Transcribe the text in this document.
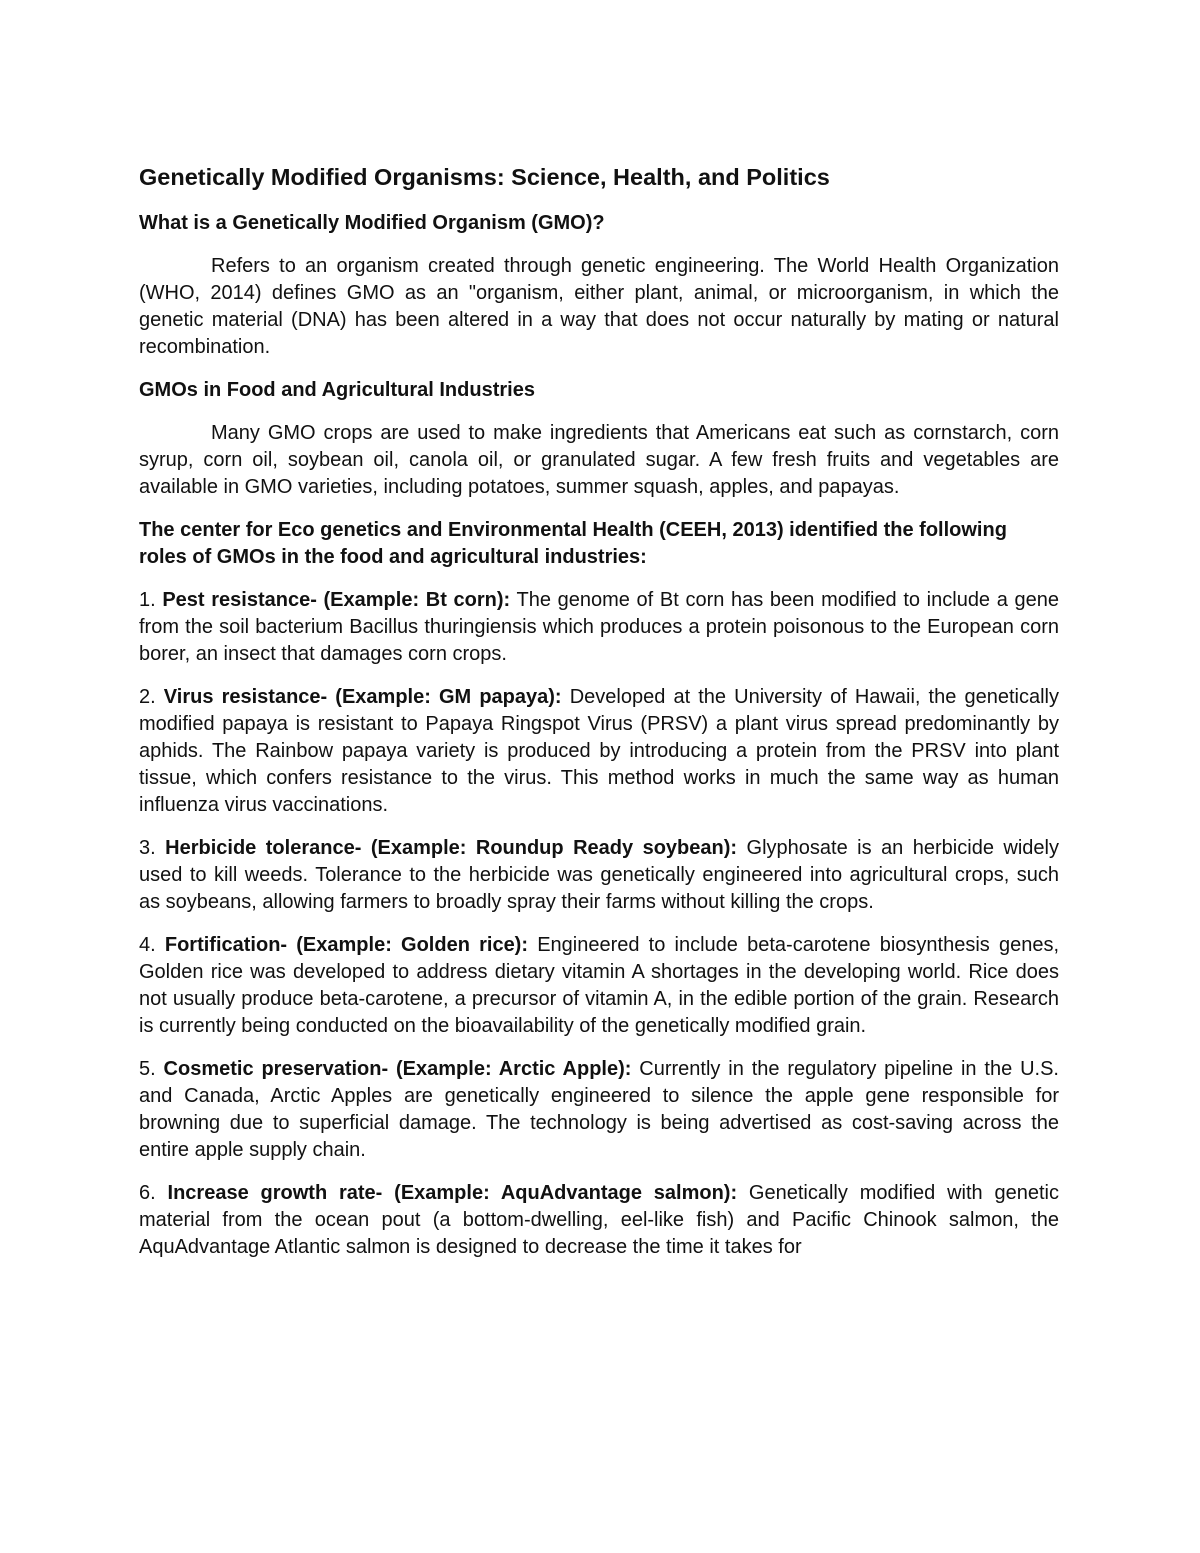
Genetically Modified Organisms: Science, Health, and Politics
What is a Genetically Modified Organism (GMO)?

Refers to an organism created through genetic engineering. The World Health Organization (WHO, 2014) defines GMO as an "organism, either plant, animal, or microorganism, in which the genetic material (DNA) has been altered in a way that does not occur naturally by mating or natural recombination.

GMOs in Food and Agricultural Industries

Many GMO crops are used to make ingredients that Americans eat such as cornstarch, corn syrup, corn oil, soybean oil, canola oil, or granulated sugar. A few fresh fruits and vegetables are available in GMO varieties, including potatoes, summer squash, apples, and papayas.

The center for Eco genetics and Environmental Health (CEEH, 2013) identified the following roles of GMOs in the food and agricultural industries:

1. Pest resistance- (Example: Bt corn): The genome of Bt corn has been modified to include a gene from the soil bacterium Bacillus thuringiensis which produces a protein poisonous to the European corn borer, an insect that damages corn crops.

2. Virus resistance- (Example: GM papaya): Developed at the University of Hawaii, the genetically modified papaya is resistant to Papaya Ringspot Virus (PRSV) a plant virus spread predominantly by aphids. The Rainbow papaya variety is produced by introducing a protein from the PRSV into plant tissue, which confers resistance to the virus. This method works in much the same way as human influenza virus vaccinations.

3. Herbicide tolerance- (Example: Roundup Ready soybean): Glyphosate is an herbicide widely used to kill weeds. Tolerance to the herbicide was genetically engineered into agricultural crops, such as soybeans, allowing farmers to broadly spray their farms without killing the crops.

4. Fortification- (Example: Golden rice): Engineered to include beta-carotene biosynthesis genes, Golden rice was developed to address dietary vitamin A shortages in the developing world. Rice does not usually produce beta-carotene, a precursor of vitamin A, in the edible portion of the grain. Research is currently being conducted on the bioavailability of the genetically modified grain.

5. Cosmetic preservation- (Example: Arctic Apple): Currently in the regulatory pipeline in the U.S. and Canada, Arctic Apples are genetically engineered to silence the apple gene responsible for browning due to superficial damage. The technology is being advertised as cost-saving across the entire apple supply chain.

6. Increase growth rate- (Example: AquAdvantage salmon): Genetically modified with genetic material from the ocean pout (a bottom-dwelling, eel-like fish) and Pacific Chinook salmon, the AquAdvantage Atlantic salmon is designed to decrease the time it takes for
